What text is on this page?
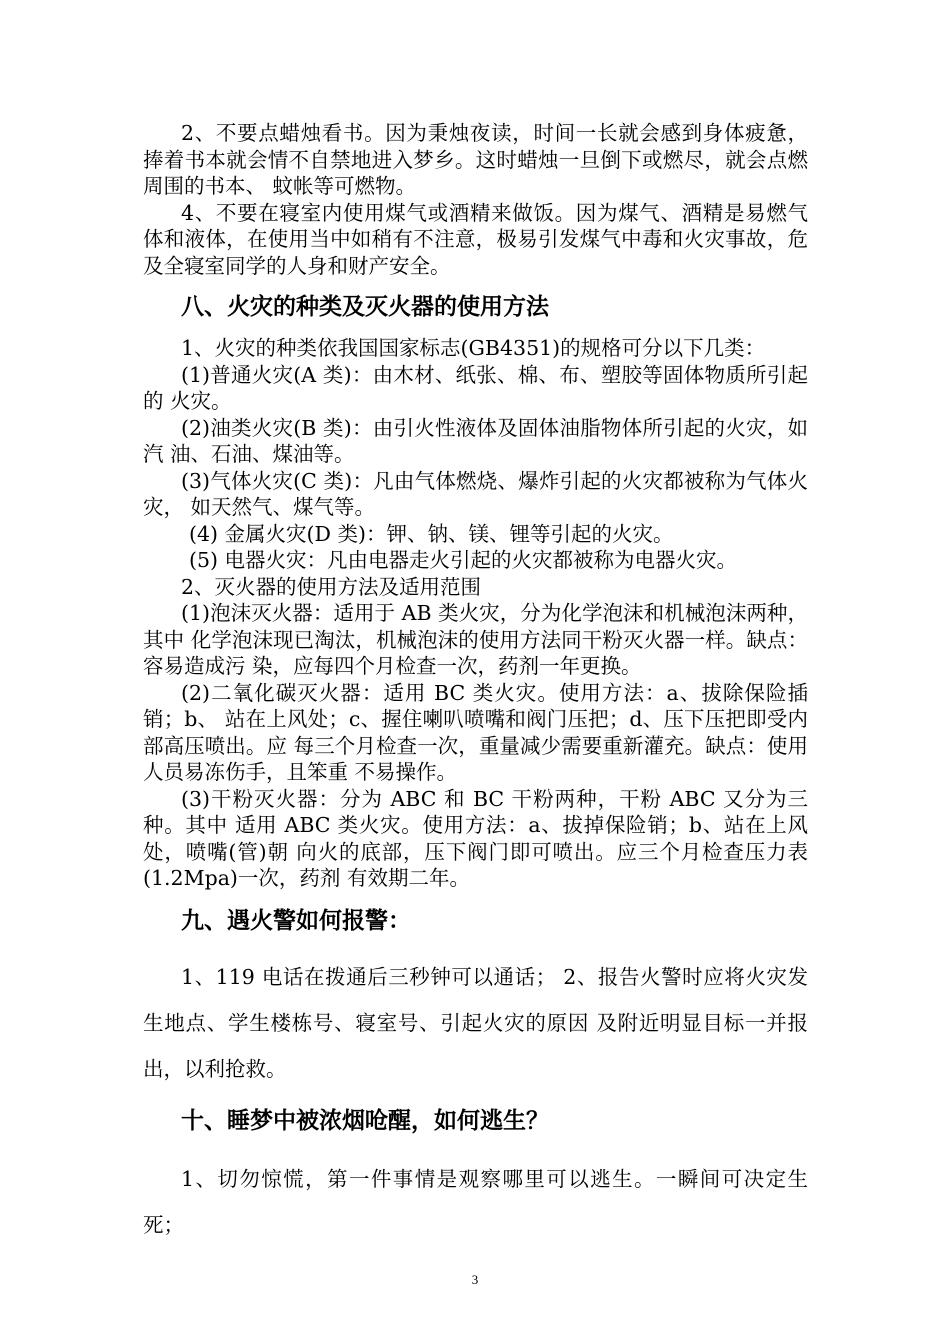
2、不要点蜡烛看书。因为秉烛夜读，时间一长就会感到身体疲惫，捧着书本就会情不自禁地进入梦乡。这时蜡烛一旦倒下或燃尽，就会点燃周围的书本、 蚊帐等可燃物。

4、不要在寝室内使用煤气或酒精来做饭。因为煤气、酒精是易燃气体和液体，在使用当中如稍有不注意，极易引发煤气中毒和火灾事故，危及全寝室同学的人身和财产安全。

八、火灾的种类及灭火器的使用方法

1、火灾的种类依我国国家标志(GB4351)的规格可分以下几类：

(1)普通火灾(A 类)：由木材、纸张、棉、布、塑胶等固体物质所引起的 火灾。

(2)油类火灾(B 类)：由引火性液体及固体油脂物体所引起的火灾，如汽 油、石油、煤油等。

(3)气体火灾(C 类)：凡由气体燃烧、爆炸引起的火灾都被称为气体火灾， 如天然气、煤气等。

(4) 金属火灾(D 类)：钾、钠、镁、锂等引起的火灾。

(5) 电器火灾：凡由电器走火引起的火灾都被称为电器火灾。

2、灭火器的使用方法及适用范围

(1)泡沫灭火器：适用于 AB 类火灾，分为化学泡沫和机械泡沫两种，其中 化学泡沫现已淘汰，机械泡沫的使用方法同干粉灭火器一样。缺点：容易造成污 染，应每四个月检查一次，药剂一年更换。

(2)二氧化碳灭火器：适用 BC 类火灾。使用方法：a、拔除保险插销；b、 站在上风处；c、握住喇叭喷嘴和阀门压把；d、压下压把即受内部高压喷出。应 每三个月检查一次，重量减少需要重新灌充。缺点：使用人员易冻伤手，且笨重 不易操作。

(3)干粉灭火器：分为 ABC 和 BC 干粉两种，干粉 ABC 又分为三种。其中 适用 ABC 类火灾。使用方法：a、拔掉保险销；b、站在上风处，喷嘴(管)朝 向火的底部，压下阀门即可喷出。应三个月检查压力表(1.2Mpa)一次，药剂 有效期二年。

九、遇火警如何报警：

1、119 电话在拨通后三秒钟可以通话； 2、报告火警时应将火灾发生地点、学生楼栋号、寝室号、引起火灾的原因 及附近明显目标一并报出，以利抢救。

十、睡梦中被浓烟呛醒，如何逃生？

1、切勿惊慌，第一件事情是观察哪里可以逃生。一瞬间可决定生死；

3
